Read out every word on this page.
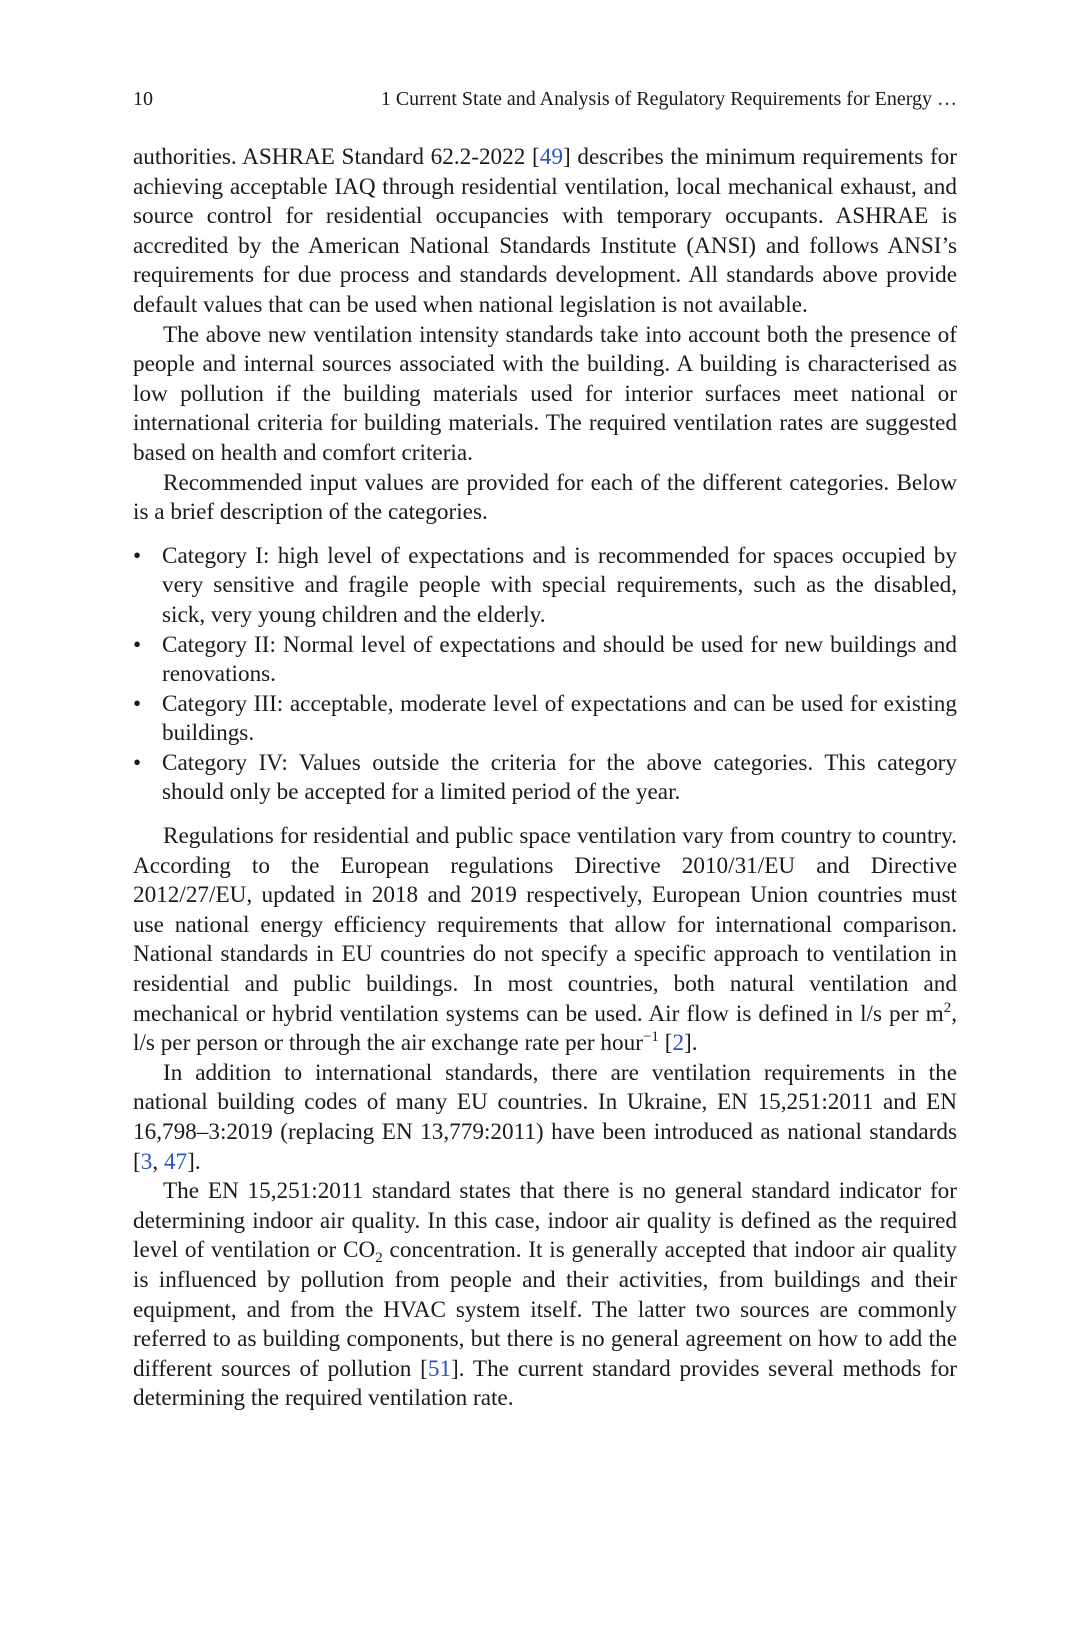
10	1 Current State and Analysis of Regulatory Requirements for Energy …

authorities. ASHRAE Standard 62.2-2022 [49] describes the minimum requirements for achieving acceptable IAQ through residential ventilation, local mechanical exhaust, and source control for residential occupancies with temporary occupants. ASHRAE is accredited by the American National Standards Institute (ANSI) and follows ANSI’s requirements for due process and standards development. All standards above provide default values that can be used when national legislation is not available.

The above new ventilation intensity standards take into account both the presence of people and internal sources associated with the building. A building is characterised as low pollution if the building materials used for interior surfaces meet national or international criteria for building materials. The required ventilation rates are suggested based on health and comfort criteria.

Recommended input values are provided for each of the different categories. Below is a brief description of the categories.

• Category I: high level of expectations and is recommended for spaces occupied by very sensitive and fragile people with special requirements, such as the disabled, sick, very young children and the elderly.
• Category II: Normal level of expectations and should be used for new buildings and renovations.
• Category III: acceptable, moderate level of expectations and can be used for existing buildings.
• Category IV: Values outside the criteria for the above categories. This category should only be accepted for a limited period of the year.

Regulations for residential and public space ventilation vary from country to country. According to the European regulations Directive 2010/31/EU and Directive 2012/27/EU, updated in 2018 and 2019 respectively, European Union countries must use national energy efficiency requirements that allow for international comparison. National standards in EU countries do not specify a specific approach to ventilation in residential and public buildings. In most countries, both natural ventilation and mechanical or hybrid ventilation systems can be used. Air flow is defined in l/s per $m^2$, l/s per person or through the air exchange rate per hour$^{-1}$ [2].

In addition to international standards, there are ventilation requirements in the national building codes of many EU countries. In Ukraine, EN 15,251:2011 and EN 16,798–3:2019 (replacing EN 13,779:2011) have been introduced as national standards [3, 47].

The EN 15,251:2011 standard states that there is no general standard indicator for determining indoor air quality. In this case, indoor air quality is defined as the required level of ventilation or $CO_2$ concentration. It is generally accepted that indoor air quality is influenced by pollution from people and their activities, from buildings and their equipment, and from the HVAC system itself. The latter two sources are commonly referred to as building components, but there is no general agreement on how to add the different sources of pollution [51]. The current standard provides several methods for determining the required ventilation rate.
